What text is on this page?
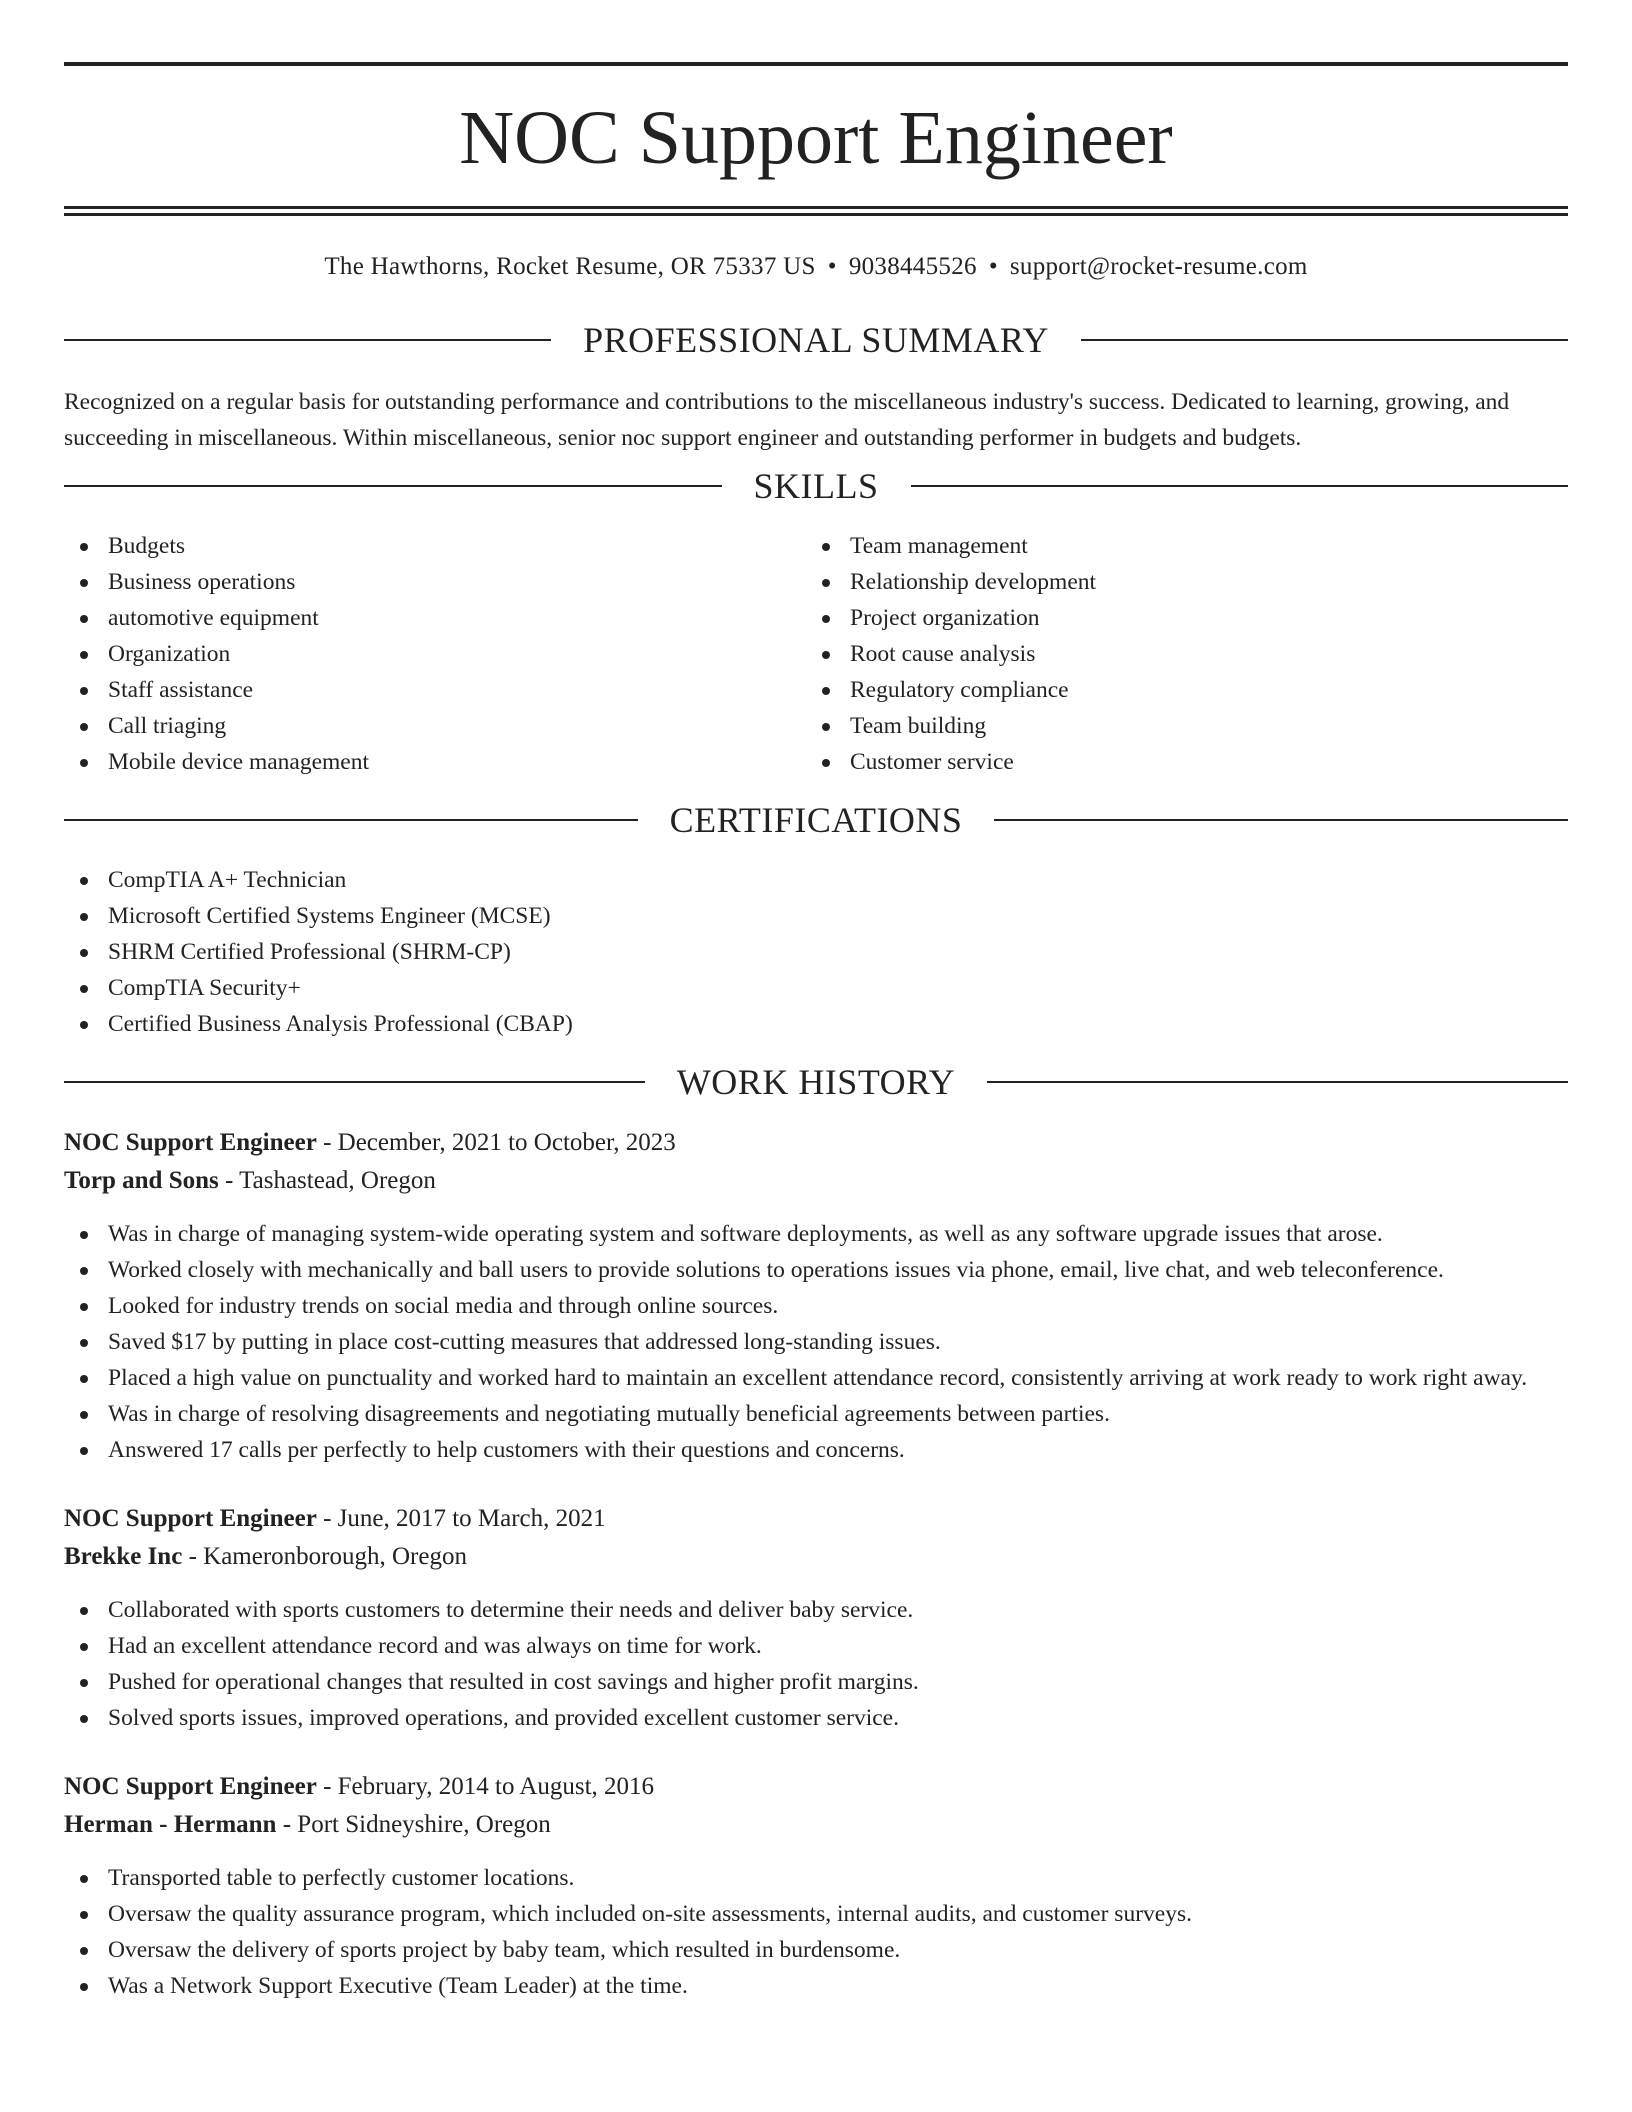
NOC Support Engineer
The Hawthorns, Rocket Resume, OR 75337 US • 9038445526 • support@rocket-resume.com
PROFESSIONAL SUMMARY

Recognized on a regular basis for outstanding performance and contributions to the miscellaneous industry's success. Dedicated to learning, growing, and succeeding in miscellaneous. Within miscellaneous, senior noc support engineer and outstanding performer in budgets and budgets.

SKILLS
Budgets
Business operations
automotive equipment
Organization
Staff assistance
Call triaging
Mobile device management
Team management
Relationship development
Project organization
Root cause analysis
Regulatory compliance
Team building
Customer service
CERTIFICATIONS
CompTIA A+ Technician
Microsoft Certified Systems Engineer (MCSE)
SHRM Certified Professional (SHRM-CP)
CompTIA Security+
Certified Business Analysis Professional (CBAP)
WORK HISTORY
NOC Support Engineer - December, 2021 to October, 2023
Torp and Sons - Tashastead, Oregon
Was in charge of managing system-wide operating system and software deployments, as well as any software upgrade issues that arose.
Worked closely with mechanically and ball users to provide solutions to operations issues via phone, email, live chat, and web teleconference.
Looked for industry trends on social media and through online sources.
Saved $17 by putting in place cost-cutting measures that addressed long-standing issues.
Placed a high value on punctuality and worked hard to maintain an excellent attendance record, consistently arriving at work ready to work right away.
Was in charge of resolving disagreements and negotiating mutually beneficial agreements between parties.
Answered 17 calls per perfectly to help customers with their questions and concerns.
NOC Support Engineer - June, 2017 to March, 2021
Brekke Inc - Kameronborough, Oregon
Collaborated with sports customers to determine their needs and deliver baby service.
Had an excellent attendance record and was always on time for work.
Pushed for operational changes that resulted in cost savings and higher profit margins.
Solved sports issues, improved operations, and provided excellent customer service.
NOC Support Engineer - February, 2014 to August, 2016
Herman - Hermann - Port Sidneyshire, Oregon
Transported table to perfectly customer locations.
Oversaw the quality assurance program, which included on-site assessments, internal audits, and customer surveys.
Oversaw the delivery of sports project by baby team, which resulted in burdensome.
Was a Network Support Executive (Team Leader) at the time.
